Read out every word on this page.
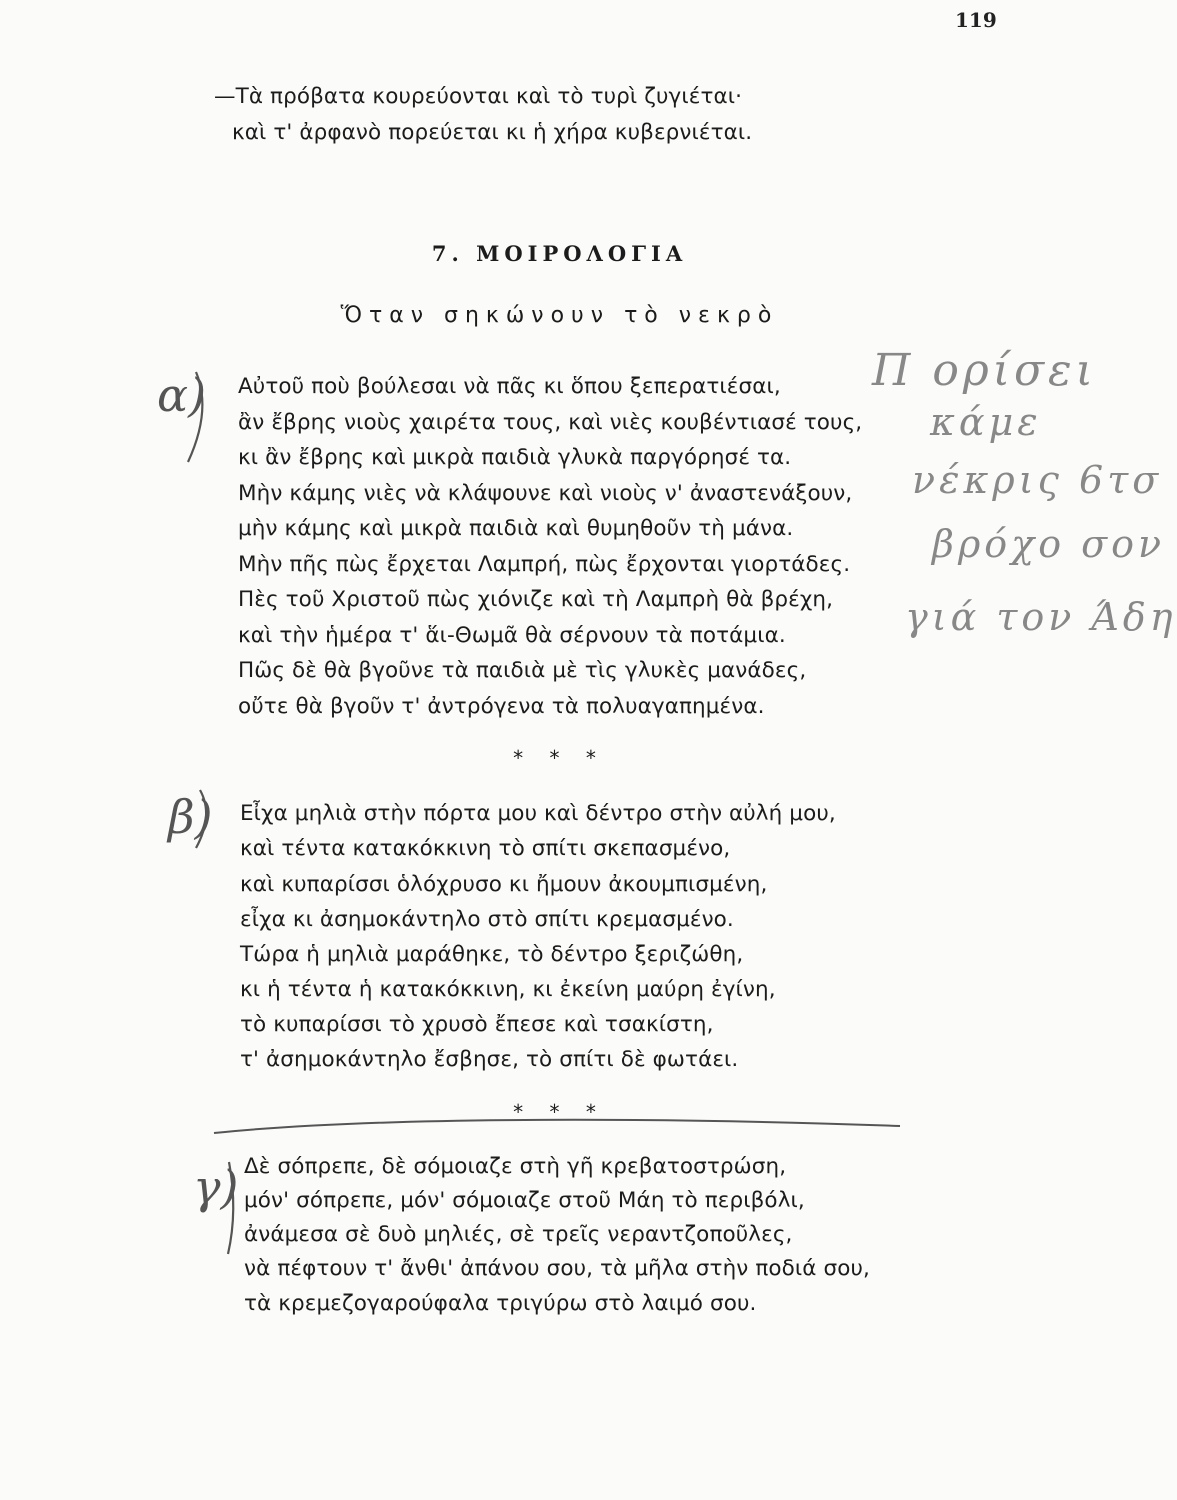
119
—Τὰ πρόβατα κουρεύονται καὶ τὸ τυρὶ ζυγιέται·
καὶ τ' ἀρφανὸ πορεύεται κι ἡ χήρα κυβερνιέται.
7. ΜΟΙΡΟΛΟΓΙΑ
Ὅταν σηκώνουν τὸ νεκρὸ
α) Αὐτοῦ ποὺ βούλεσαι νὰ πᾶς κι ὅπου ξεπερατιέσαι,
ἂν ἔβρης νιοὺς χαιρέτα τους, καὶ νιὲς κουβέντιασέ τους,
κι ἂν ἔβρης καὶ μικρὰ παιδιὰ γλυκὰ παργόρησέ τα.
Μὴν κάμης νιὲς νὰ κλάψουνε καὶ νιοὺς ν' ἀναστενάξουν,
μὴν κάμης καὶ μικρὰ παιδιὰ καὶ θυμηθοῦν τὴ μάνα.
Μὴν πῆς πὼς ἔρχεται Λαμπρή, πὼς ἔρχονται γιορτάδες.
Πὲς τοῦ Χριστοῦ πὼς χιόνιζε καὶ τὴ Λαμπρὴ θὰ βρέχη,
καὶ τὴν ἡμέρα τ' ἅι-Θωμᾶ θὰ σέρνουν τὰ ποτάμια.
Πῶς δὲ θὰ βγοῦνε τὰ παιδιὰ μὲ τὶς γλυκὲς μανάδες,
οὔτε θὰ βγοῦν τ' ἀντρόγενα τὰ πολυαγαπημένα.
* * *
β) Εἶχα μηλιὰ στὴν πόρτα μου καὶ δέντρο στὴν αὐλή μου,
καὶ τέντα κατακόκκινη τὸ σπίτι σκεπασμένο,
καὶ κυπαρίσσι ὁλόχρυσο κι ἤμουν ἀκουμπισμένη,
εἶχα κι ἀσημοκάντηλο στὸ σπίτι κρεμασμένο.
Τώρα ἡ μηλιὰ μαράθηκε, τὸ δέντρο ξεριζώθη,
κι ἡ τέντα ἡ κατακόκκινη, κι ἐκείνη μαύρη ἐγίνη,
τὸ κυπαρίσσι τὸ χρυσὸ ἔπεσε καὶ τσακίστη,
τ' ἀσημοκάντηλο ἔσβησε, τὸ σπίτι δὲ φωτάει.
* * *
γ) Δὲ σόπρεπε, δὲ σόμοιαζε στὴ γῆ κρεβατοστρώση,
μόν' σόπρεπε, μόν' σόμοιαζε στοῦ Μάη τὸ περιβόλι,
ἀνάμεσα σὲ δυὸ μηλιές, σὲ τρεῖς νεραντζοποῦλες,
νὰ πέφτουν τ' ἄνθι' ἀπάνου σου, τὰ μῆλα στὴν ποδιά σου,
τὰ κρεμεζογαρούφαλα τριγύρω στὸ λαιμό σου.
Π ορίσει
κάμε
νέκρις 6τσ
βρόχο σον
γιά τον Άδη
